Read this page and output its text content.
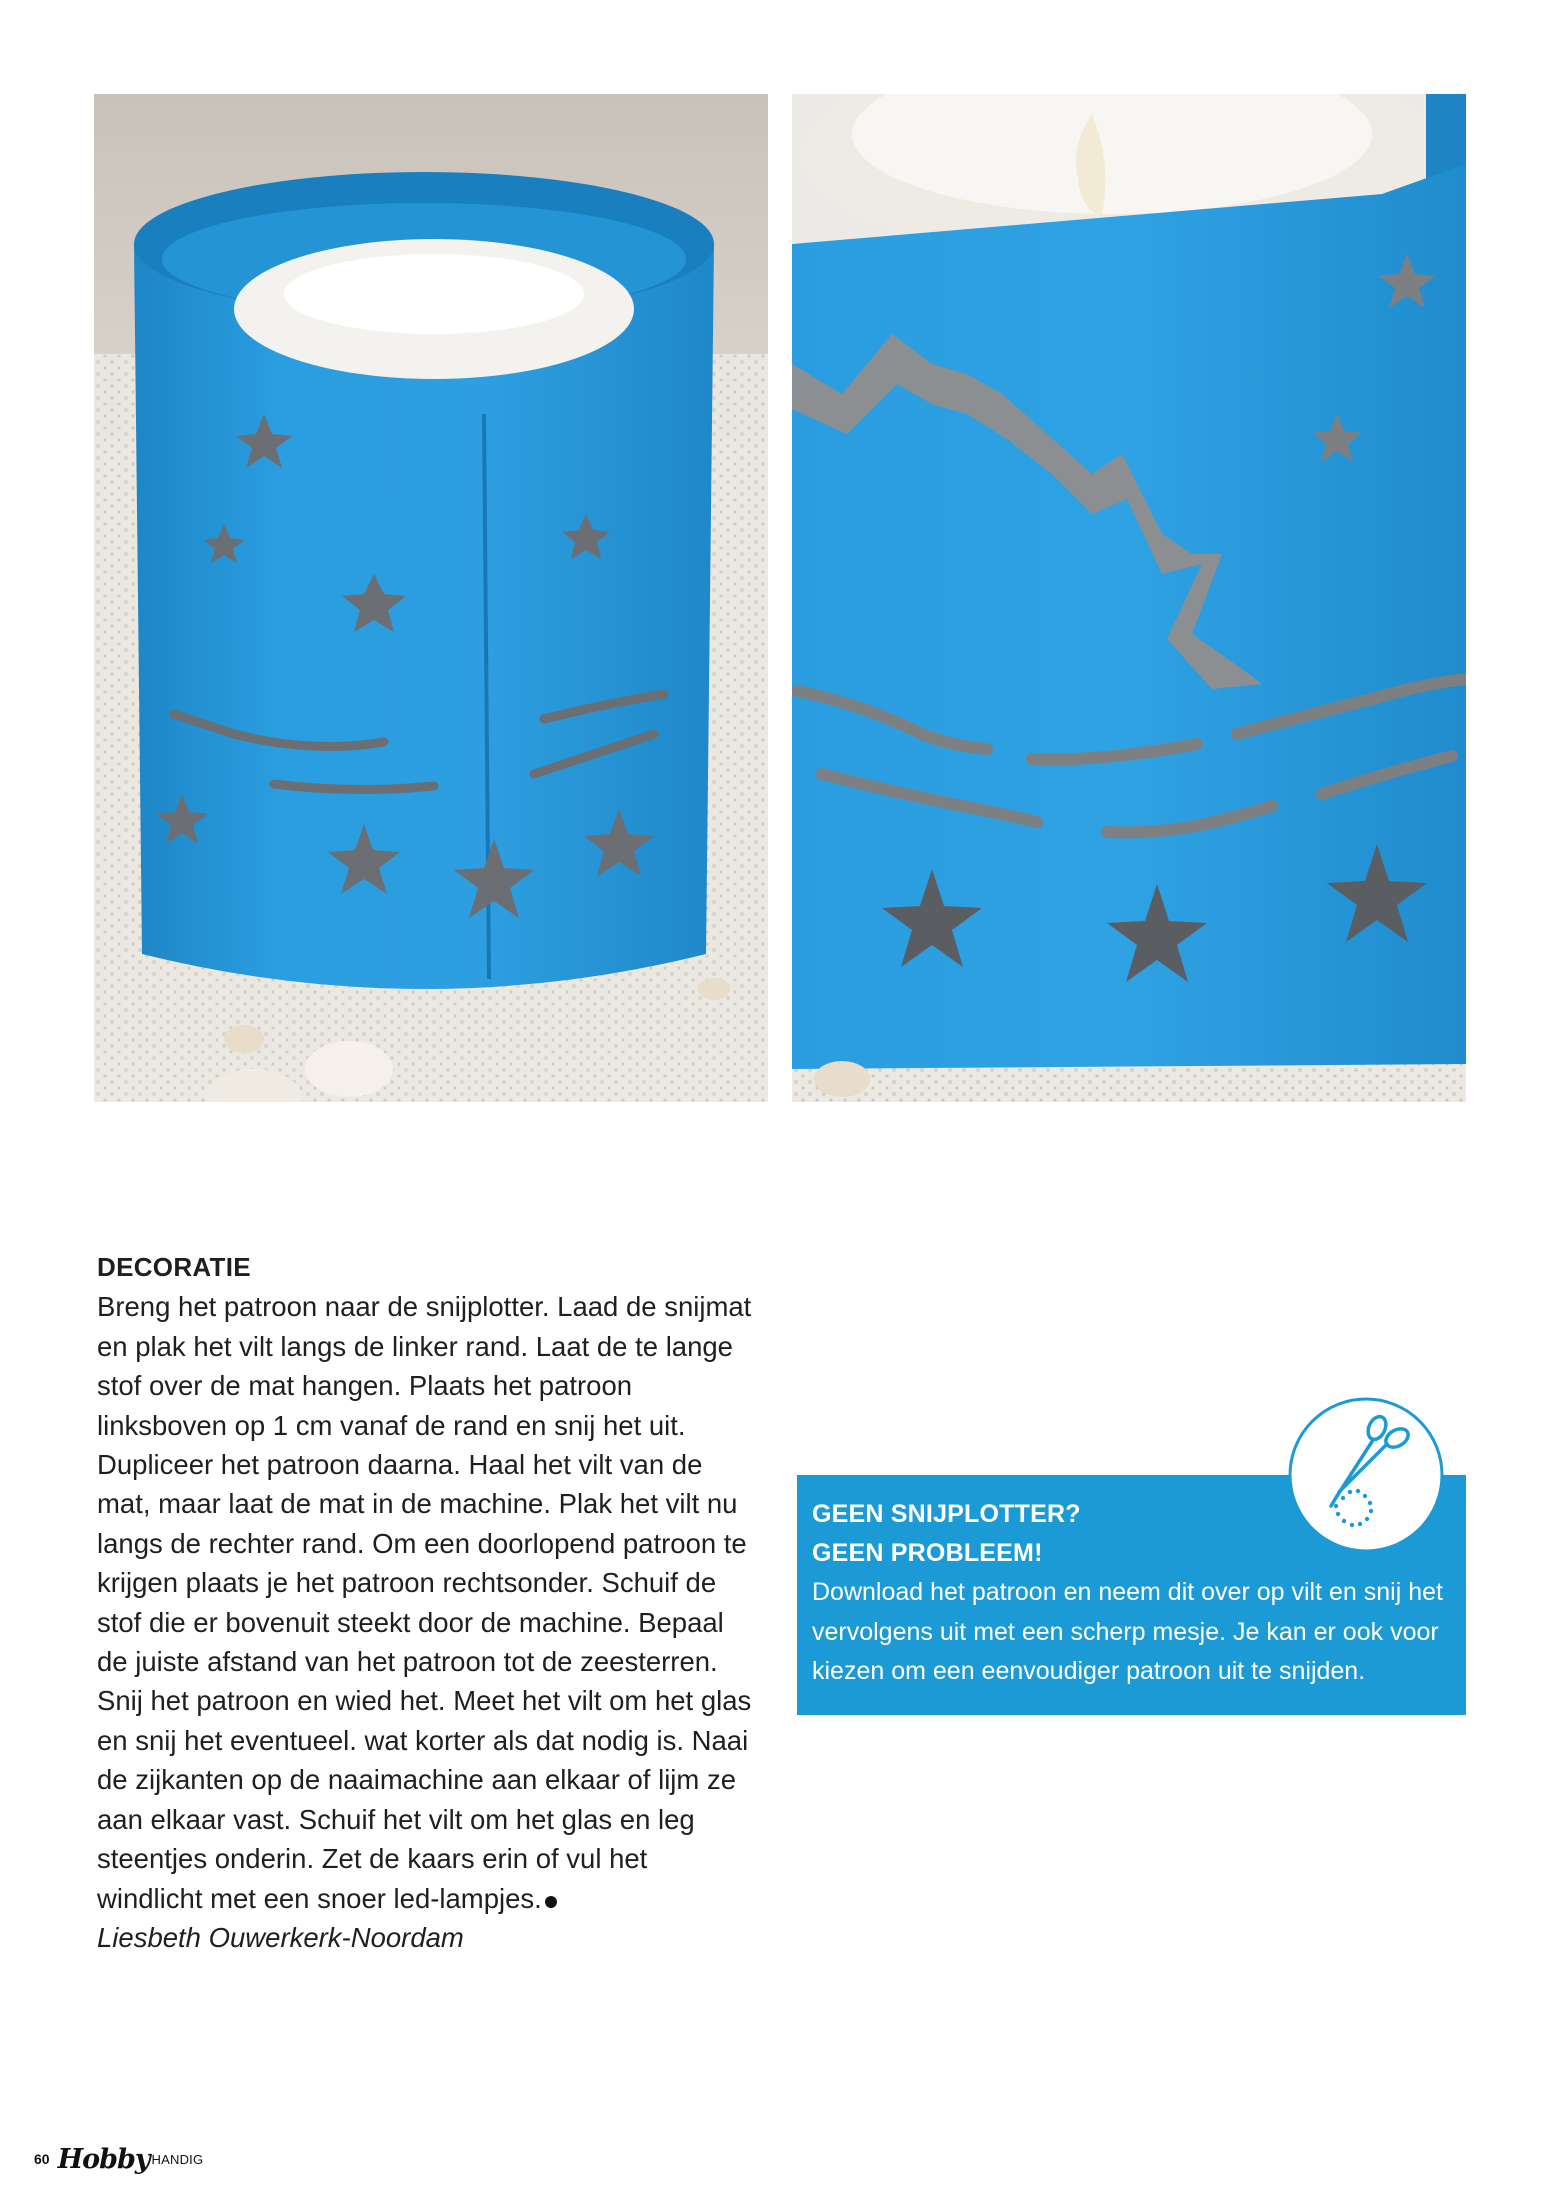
DECORATIE

Breng het patroon naar de snijplotter. Laad de snijmat en plak het vilt langs de linker rand. Laat de te lange stof over de mat hangen. Plaats het patroon linksboven op 1 cm vanaf de rand en snij het uit. Dupliceer het patroon daarna. Haal het vilt van de mat, maar laat de mat in de machine. Plak het vilt nu langs de rechter rand. Om een doorlopend patroon te krijgen plaats je het patroon rechtsonder. Schuif de stof die er bovenuit steekt door de machine. Bepaal de juiste afstand van het patroon tot de zeesterren. Snij het patroon en wied het. Meet het vilt om het glas en snij het eventueel. wat korter als dat nodig is. Naai de zijkanten op de naaimachine aan elkaar of lijm ze aan elkaar vast. Schuif het vilt om het glas en leg steentjes onderin. Zet de kaars erin of vul het windlicht met een snoer led-lampjes.

Liesbeth Ouwerkerk-Noordam

GEEN SNIJPLOTTER?

GEEN PROBLEEM!

Download het patroon en neem dit over op vilt en snij het vervolgens uit met een scherp mesje. Je kan er ook voor kiezen om een eenvoudiger patroon uit te snijden.

60 Hobby HANDIG
